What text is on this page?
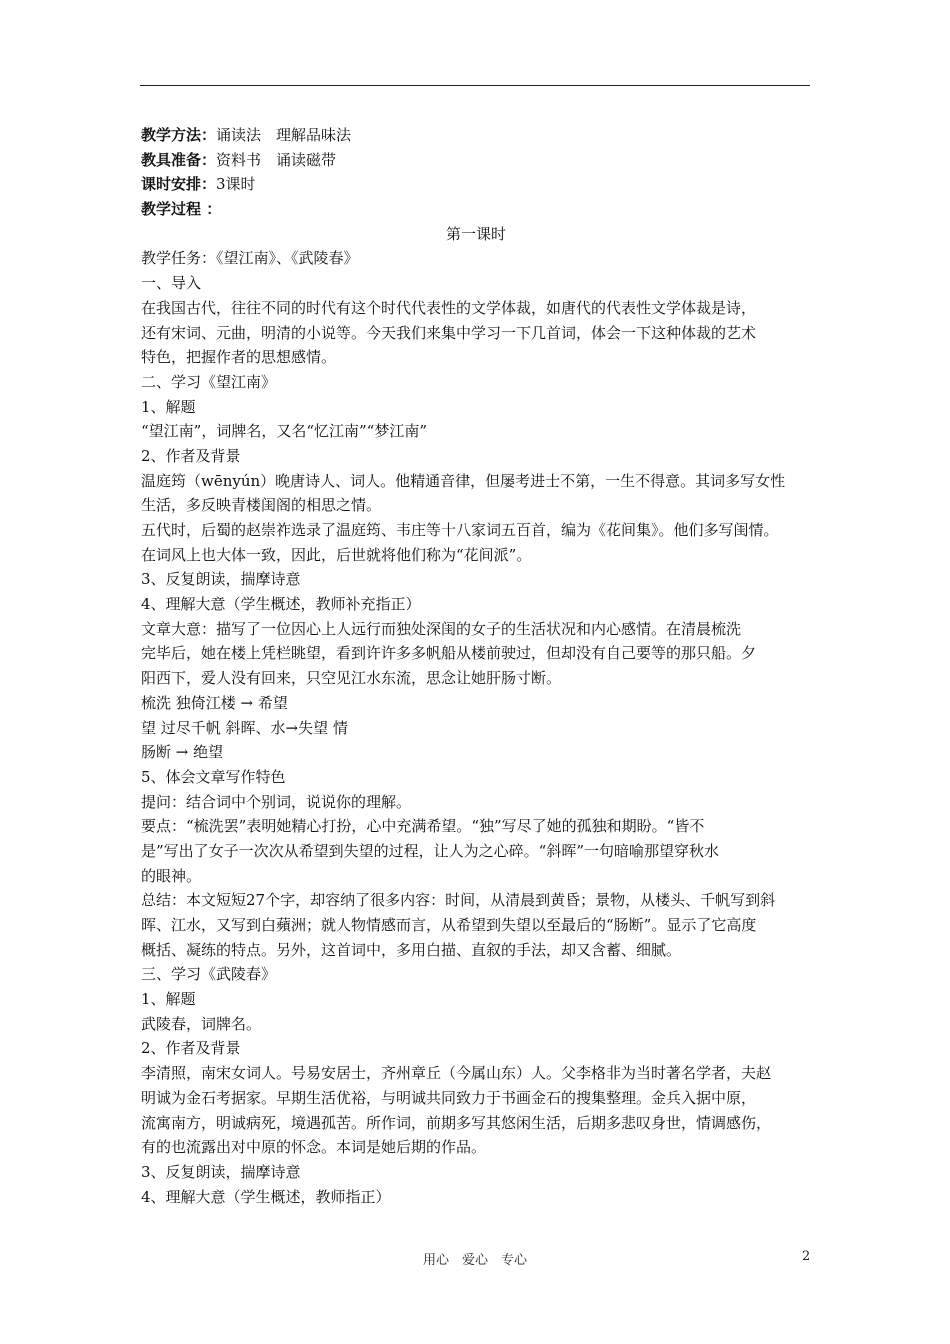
教学方法：诵读法　理解品味法
教具准备：资料书　诵读磁带
课时安排：3课时
教学过程 ：
第一课时
教学任务：《望江南》、《武陵春》
一、导入
在我国古代，往往不同的时代有这个时代代表性的文学体裁，如唐代的代表性文学体裁是诗，
还有宋词、元曲，明清的小说等。今天我们来集中学习一下几首词，体会一下这种体裁的艺术
特色，把握作者的思想感情。
二、学习《望江南》
1、解题
“望江南”，词牌名，又名“忆江南”“梦江南”
2、作者及背景
温庭筠（wēnyún）晚唐诗人、词人。他精通音律，但屡考进士不第，一生不得意。其词多写女性
生活，多反映青楼闺阁的相思之情。
五代时，后蜀的赵崇祚选录了温庭筠、韦庄等十八家词五百首，编为《花间集》。他们多写闺情。
在词风上也大体一致，因此，后世就将他们称为“花间派”。
3、反复朗读，揣摩诗意
4、理解大意（学生概述，教师补充指正）
文章大意：描写了一位因心上人远行而独处深闺的女子的生活状况和内心感情。在清晨梳洗
完毕后，她在楼上凭栏眺望，看到许许多多帆船从楼前驶过，但却没有自己要等的那只船。夕
阳西下，爱人没有回来，只空见江水东流，思念让她肝肠寸断。
梳洗 独倚江楼 → 希望
望 过尽千帆 斜晖、水→失望 情
肠断 → 绝望
5、体会文章写作特色
提问：结合词中个别词，说说你的理解。
要点：“梳洗罢”表明她精心打扮，心中充满希望。“独”写尽了她的孤独和期盼。“皆不
是”写出了女子一次次从希望到失望的过程，让人为之心碎。“斜晖”一句暗喻那望穿秋水
的眼神。
总结：本文短短27个字，却容纳了很多内容：时间，从清晨到黄昏；景物，从楼头、千帆写到斜
晖、江水，又写到白蘋洲；就人物情感而言，从希望到失望以至最后的“肠断”。显示了它高度
概括、凝练的特点。另外，这首词中，多用白描、直叙的手法，却又含蓄、细腻。
三、学习《武陵春》
1、解题
武陵春，词牌名。
2、作者及背景
李清照，南宋女词人。号易安居士，齐州章丘（今属山东）人。父李格非为当时著名学者，夫赵
明诚为金石考据家。早期生活优裕，与明诚共同致力于书画金石的搜集整理。金兵入据中原，
流寓南方，明诚病死，境遇孤苦。所作词，前期多写其悠闲生活，后期多悲叹身世，情调感伤，
有的也流露出对中原的怀念。本词是她后期的作品。
3、反复朗读，揣摩诗意
4、理解大意（学生概述，教师指正）
用心　爱心　专心	2
